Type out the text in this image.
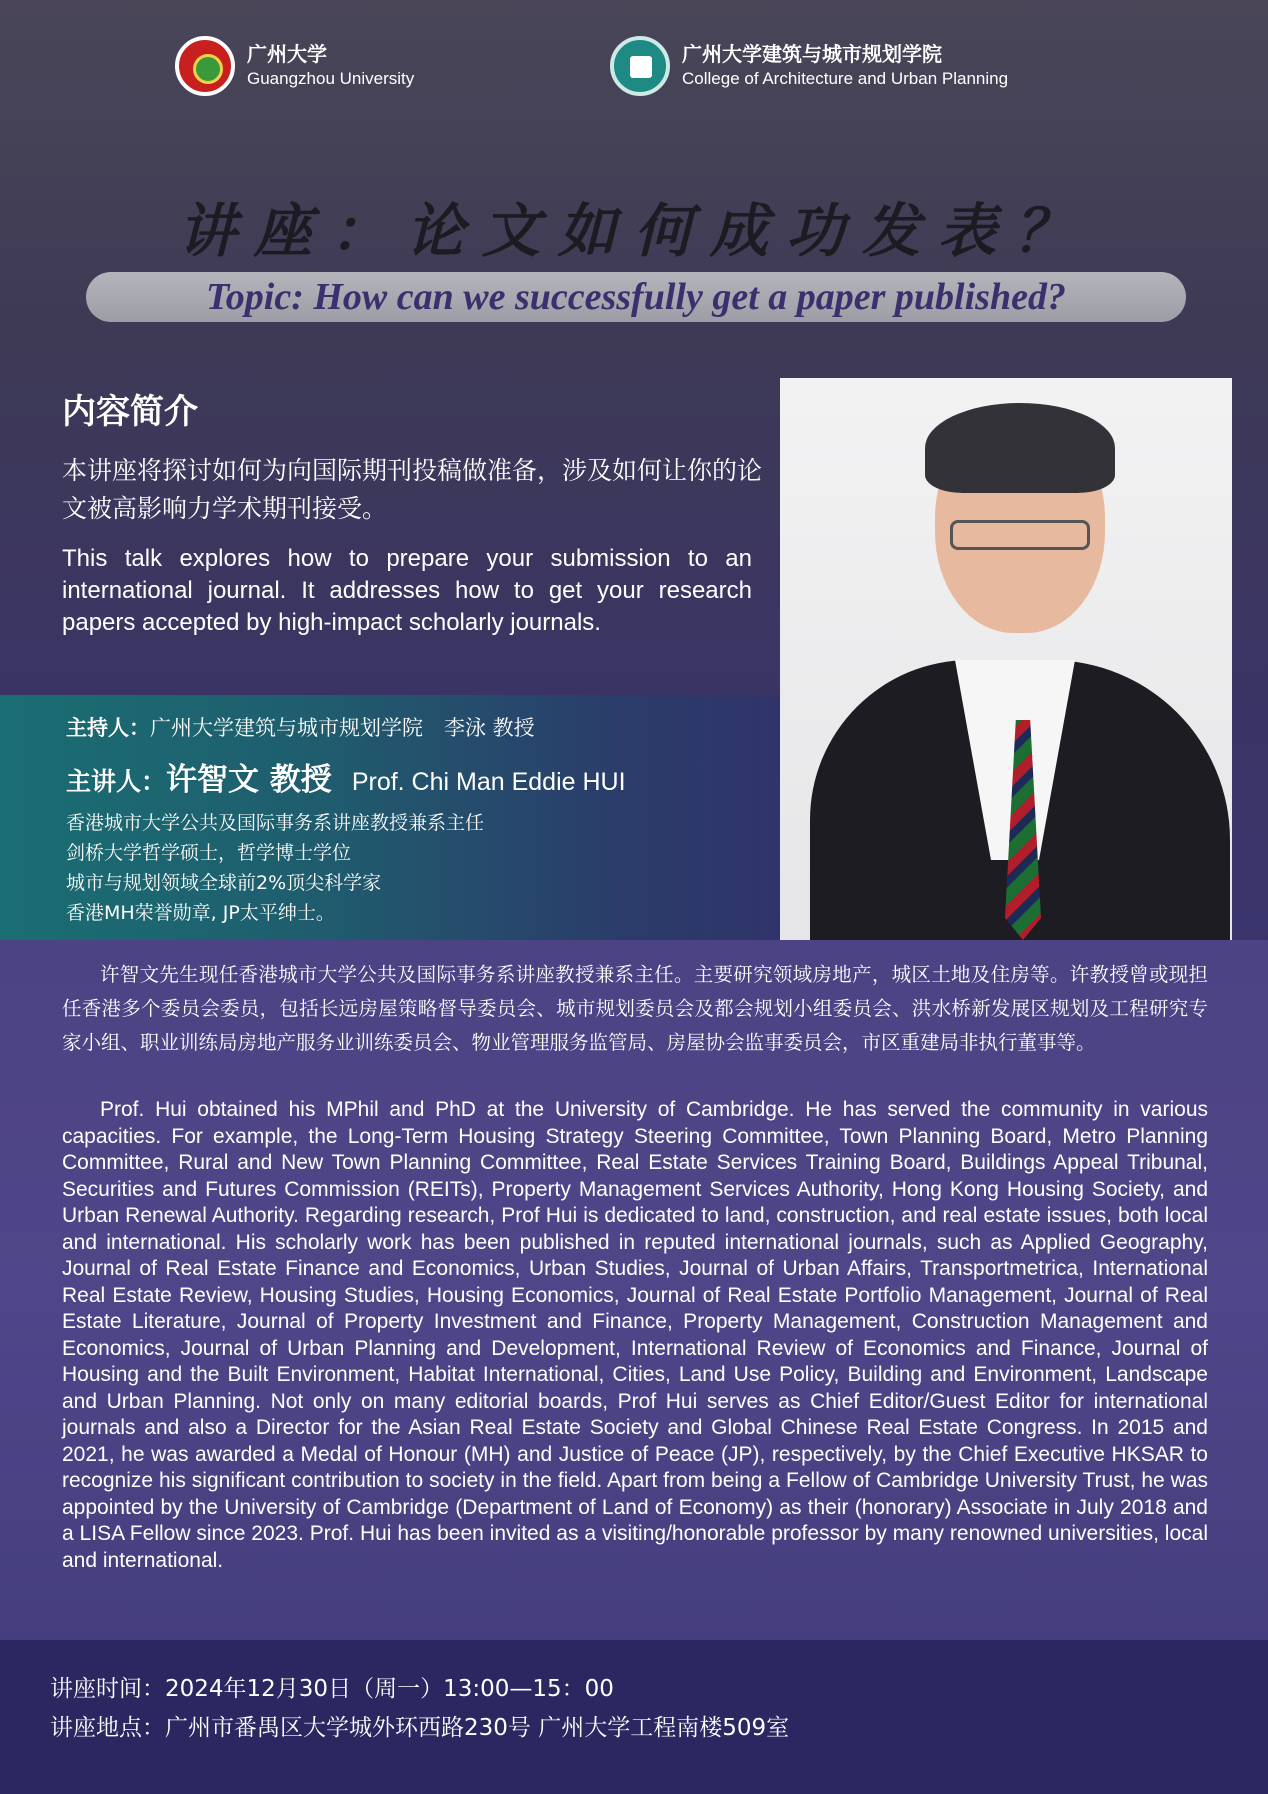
广州大学
Guangzhou University
广州大学建筑与城市规划学院
College of Architecture and Urban Planning
讲座：论文如何成功发表？
Topic: How can we successfully get a paper published?
内容简介
本讲座将探讨如何为向国际期刊投稿做准备，涉及如何让你的论文被高影响力学术期刊接受。
This talk explores how to prepare your submission to an international journal. It addresses how to get your research papers accepted by high-impact scholarly journals.
主持人：广州大学建筑与城市规划学院　李泳 教授
主讲人： 许智文 教授 Prof. Chi Man Eddie HUI
香港城市大学公共及国际事务系讲座教授兼系主任
剑桥大学哲学硕士，哲学博士学位
城市与规划领域全球前2%顶尖科学家
香港MH荣誉勋章, JP太平绅士。
许智文先生现任香港城市大学公共及国际事务系讲座教授兼系主任。主要研究领域房地产，城区土地及住房等。许教授曾或现担任香港多个委员会委员，包括长远房屋策略督导委员会、城市规划委员会及都会规划小组委员会、洪水桥新发展区规划及工程研究专家小组、职业训练局房地产服务业训练委员会、物业管理服务监管局、房屋协会监事委员会，市区重建局非执行董事等。
Prof. Hui obtained his MPhil and PhD at the University of Cambridge. He has served the community in various capacities. For example, the Long-Term Housing Strategy Steering Committee, Town Planning Board, Metro Planning Committee, Rural and New Town Planning Committee, Real Estate Services Training Board, Buildings Appeal Tribunal, Securities and Futures Commission (REITs), Property Management Services Authority, Hong Kong Housing Society, and Urban Renewal Authority. Regarding research, Prof Hui is dedicated to land, construction, and real estate issues, both local and international. His scholarly work has been published in reputed international journals, such as Applied Geography, Journal of Real Estate Finance and Economics, Urban Studies, Journal of Urban Affairs, Transportmetrica, International Real Estate Review, Housing Studies, Housing Economics, Journal of Real Estate Portfolio Management, Journal of Real Estate Literature, Journal of Property Investment and Finance, Property Management, Construction Management and Economics, Journal of Urban Planning and Development, International Review of Economics and Finance, Journal of Housing and the Built Environment, Habitat International, Cities, Land Use Policy, Building and Environment, Landscape and Urban Planning. Not only on many editorial boards, Prof Hui serves as Chief Editor/Guest Editor for international journals and also a Director for the Asian Real Estate Society and Global Chinese Real Estate Congress. In 2015 and 2021, he was awarded a Medal of Honour (MH) and Justice of Peace (JP), respectively, by the Chief Executive HKSAR to recognize his significant contribution to society in the field. Apart from being a Fellow of Cambridge University Trust, he was appointed by the University of Cambridge (Department of Land of Economy) as their (honorary) Associate in July 2018 and a LISA Fellow since 2023. Prof. Hui has been invited as a visiting/honorable professor by many renowned universities, local and international.
讲座时间：2024年12月30日（周一）13:00—15：00
讲座地点：广州市番禺区大学城外环西路230号 广州大学工程南楼509室
